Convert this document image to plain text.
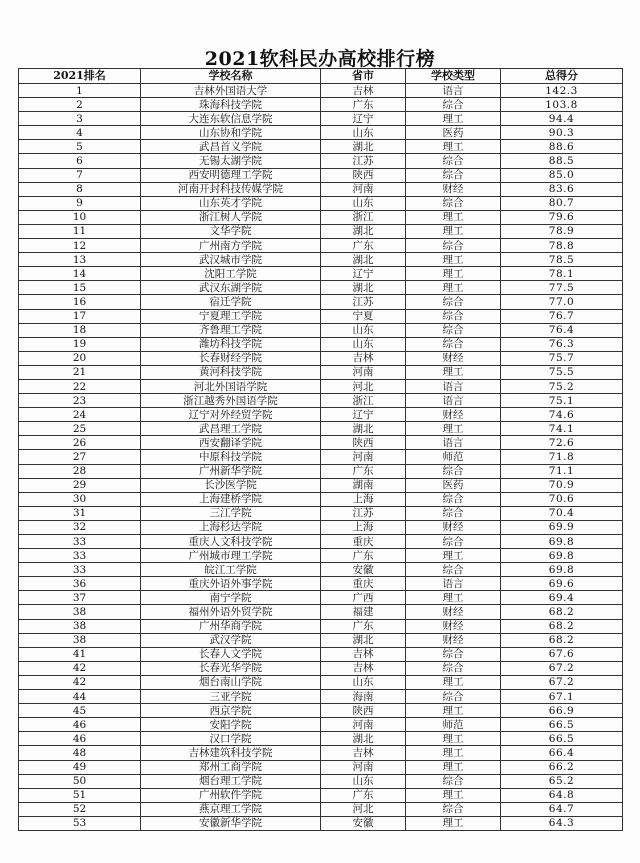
2021软科民办高校排行榜
2021排名	学校名称	省市	学校类型	总得分
1	吉林外国语大学	吉林	语言	142.3
2	珠海科技学院	广东	综合	103.8
3	大连东软信息学院	辽宁	理工	94.4
4	山东协和学院	山东	医药	90.3
5	武昌首义学院	湖北	理工	88.6
6	无锡太湖学院	江苏	综合	88.5
7	西安明德理工学院	陕西	综合	85.0
8	河南开封科技传媒学院	河南	财经	83.6
9	山东英才学院	山东	综合	80.7
10	浙江树人学院	浙江	理工	79.6
11	文华学院	湖北	理工	78.9
12	广州南方学院	广东	综合	78.8
13	武汉城市学院	湖北	理工	78.5
14	沈阳工学院	辽宁	理工	78.1
15	武汉东湖学院	湖北	理工	77.5
16	宿迁学院	江苏	综合	77.0
17	宁夏理工学院	宁夏	综合	76.7
18	齐鲁理工学院	山东	综合	76.4
19	潍坊科技学院	山东	综合	76.3
20	长春财经学院	吉林	财经	75.7
21	黄河科技学院	河南	理工	75.5
22	河北外国语学院	河北	语言	75.2
23	浙江越秀外国语学院	浙江	语言	75.1
24	辽宁对外经贸学院	辽宁	财经	74.6
25	武昌理工学院	湖北	理工	74.1
26	西安翻译学院	陕西	语言	72.6
27	中原科技学院	河南	师范	71.8
28	广州新华学院	广东	综合	71.1
29	长沙医学院	湖南	医药	70.9
30	上海建桥学院	上海	综合	70.6
31	三江学院	江苏	综合	70.4
32	上海杉达学院	上海	财经	69.9
33	重庆人文科技学院	重庆	综合	69.8
33	广州城市理工学院	广东	理工	69.8
33	皖江工学院	安徽	综合	69.8
36	重庆外语外事学院	重庆	语言	69.6
37	南宁学院	广西	理工	69.4
38	福州外语外贸学院	福建	财经	68.2
38	广州华商学院	广东	财经	68.2
38	武汉学院	湖北	财经	68.2
41	长春人文学院	吉林	综合	67.6
42	长春光华学院	吉林	综合	67.2
42	烟台南山学院	山东	理工	67.2
44	三亚学院	海南	综合	67.1
45	西京学院	陕西	理工	66.9
46	安阳学院	河南	师范	66.5
46	汉口学院	湖北	理工	66.5
48	吉林建筑科技学院	吉林	理工	66.4
49	郑州工商学院	河南	理工	66.2
50	烟台理工学院	山东	综合	65.2
51	广州软件学院	广东	理工	64.8
52	燕京理工学院	河北	综合	64.7
53	安徽新华学院	安徽	理工	64.3
